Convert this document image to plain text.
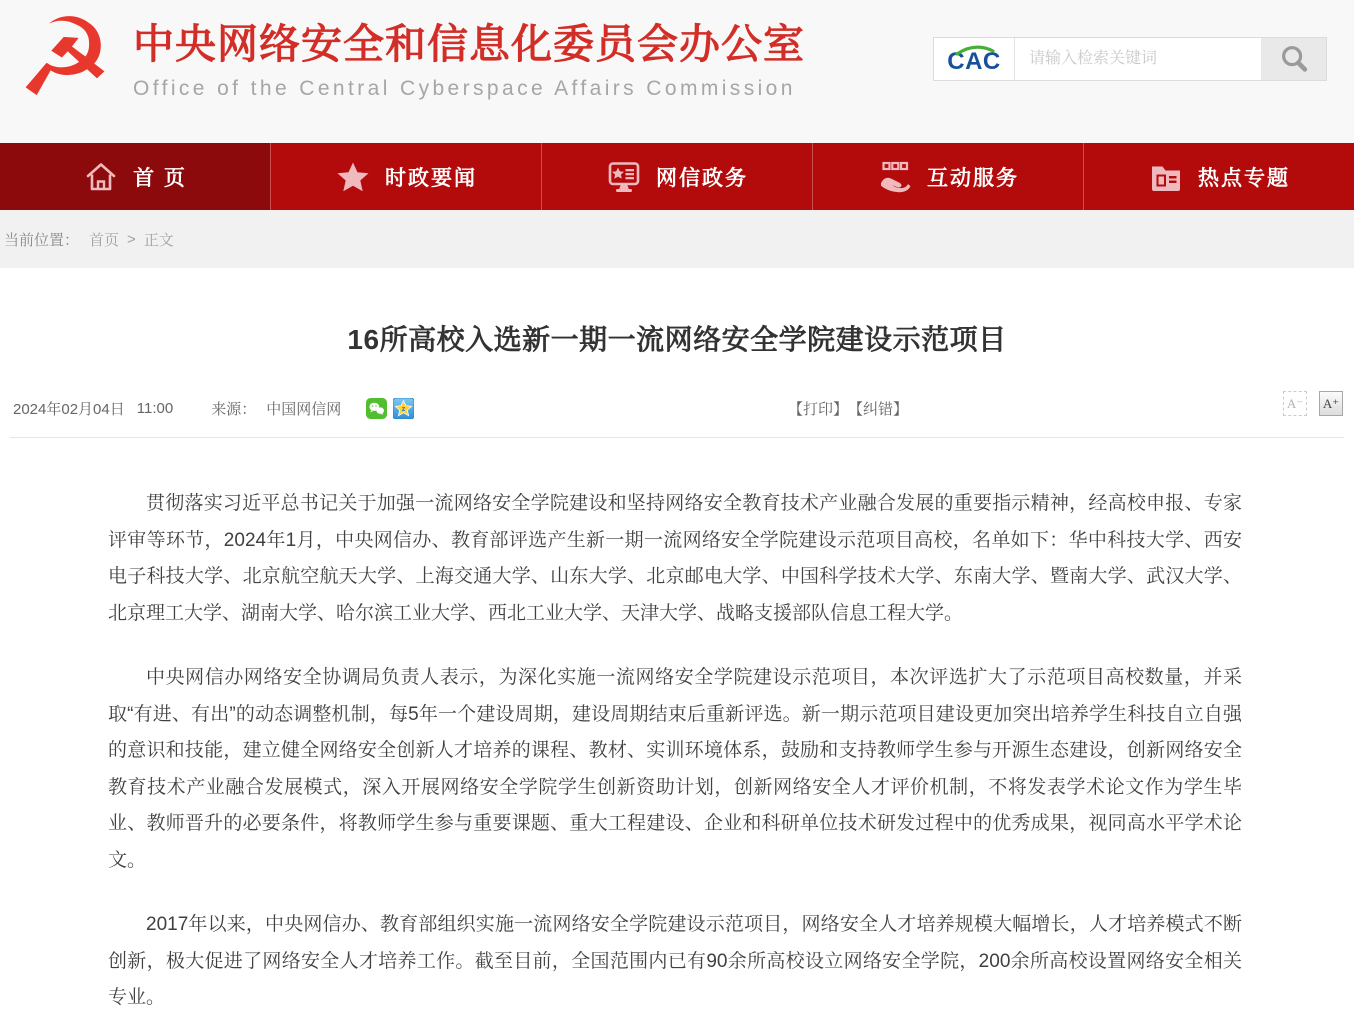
☭ 中央网络安全和信息化委员会办公室
Office of the Central Cyberspace Affairs Commission
CAC
请输入检索关键词
首 页	时政要闻	网信政务	互动服务	热点专题
当前位置： 首页 > 正文
16所高校入选新一期一流网络安全学院建设示范项目
2024年02月04日 11:00	来源： 中国网信网	z	【打印】 【纠错】	A⁻ A⁺

贯彻落实习近平总书记关于加强一流网络安全学院建设和坚持网络安全教育技术产业融合发展的重要指示精神，经高校申报、专家评审等环节，2024年1月，中央网信办、教育部评选产生新一期一流网络安全学院建设示范项目高校，名单如下：华中科技大学、西安电子科技大学、北京航空航天大学、上海交通大学、山东大学、北京邮电大学、中国科学技术大学、东南大学、暨南大学、武汉大学、北京理工大学、湖南大学、哈尔滨工业大学、西北工业大学、天津大学、战略支援部队信息工程大学。

中央网信办网络安全协调局负责人表示，为深化实施一流网络安全学院建设示范项目，本次评选扩大了示范项目高校数量，并采取“有进、有出”的动态调整机制，每5年一个建设周期，建设周期结束后重新评选。新一期示范项目建设更加突出培养学生科技自立自强的意识和技能，建立健全网络安全创新人才培养的课程、教材、实训环境体系，鼓励和支持教师学生参与开源生态建设，创新网络安全教育技术产业融合发展模式，深入开展网络安全学院学生创新资助计划，创新网络安全人才评价机制，不将发表学术论文作为学生毕业、教师晋升的必要条件，将教师学生参与重要课题、重大工程建设、企业和科研单位技术研发过程中的优秀成果，视同高水平学术论文。

2017年以来，中央网信办、教育部组织实施一流网络安全学院建设示范项目，网络安全人才培养规模大幅增长，人才培养模式不断创新，极大促进了网络安全人才培养工作。截至目前，全国范围内已有90余所高校设立网络安全学院，200余所高校设置网络安全相关专业。
